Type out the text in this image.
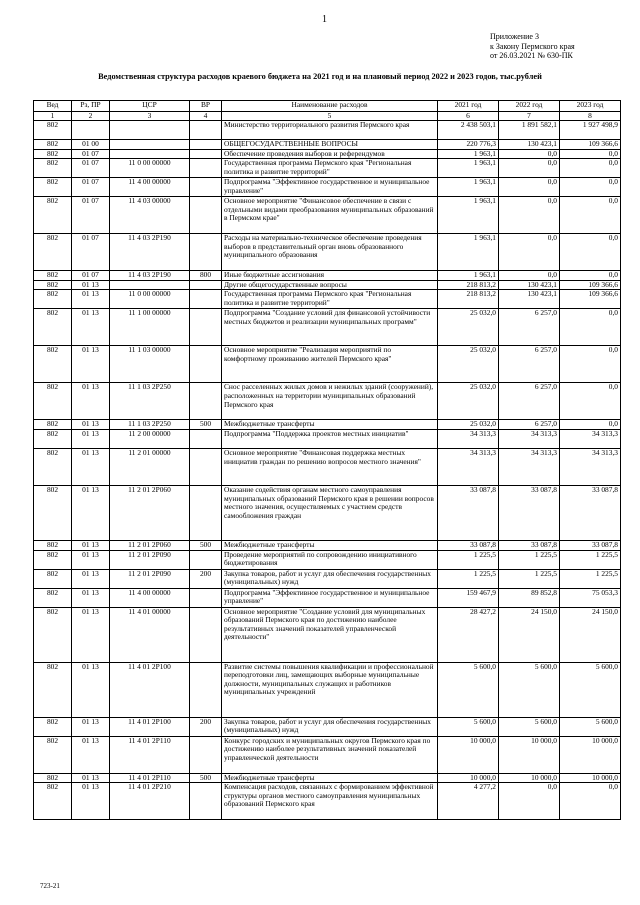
1
Приложение 3
к Закону Пермского края
от 26.03.2021 № 630-ПК
Ведомственная структура расходов краевого бюджета на 2021 год и на плановый период 2022 и 2023 годов, тыс.рублей
Вед	Рз, ПР	ЦСР	ВР	Наименование расходов	2021 год	2022 год	2023 год
1	2	3	4	5	6	7	8
802				Министерство территориального развития Пермского края	2 438 503,1	1 891 582,1	1 927 498,9
802	01 00			ОБЩЕГОСУДАРСТВЕННЫЕ ВОПРОСЫ	220 776,3	130 423,1	109 366,6
802	01 07			Обеспечение проведения выборов и референдумов	1 963,1	0,0	0,0
802	01 07	11 0 00 00000		Государственная программа Пермского края "Региональная политика и развитие территорий"	1 963,1	0,0	0,0
802	01 07	11 4 00 00000		Подпрограмма "Эффективное государственное и муниципальное управление"	1 963,1	0,0	0,0
802	01 07	11 4 03 00000		Основное мероприятие "Финансовое обеспечение в связи с отдельными видами преобразования муниципальных образований в Пермском крае"	1 963,1	0,0	0,0
802	01 07	11 4 03 2P190		Расходы на материально-техническое обеспечение проведения выборов в представительный орган вновь образованного муниципального образования	1 963,1	0,0	0,0
802	01 07	11 4 03 2P190	800	Иные бюджетные ассигнования	1 963,1	0,0	0,0
802	01 13			Другие общегосударственные вопросы	218 813,2	130 423,1	109 366,6
802	01 13	11 0 00 00000		Государственная программа Пермского края "Региональная политика и развитие территорий"	218 813,2	130 423,1	109 366,6
802	01 13	11 1 00 00000		Подпрограмма "Создание условий для финансовой устойчивости местных бюджетов и реализации муниципальных программ"	25 032,0	6 257,0	0,0
802	01 13	11 1 03 00000		Основное мероприятие "Реализация мероприятий по комфортному проживанию жителей Пермского края"	25 032,0	6 257,0	0,0
802	01 13	11 1 03 2P250		Снос расселенных жилых домов и нежилых зданий (сооружений), расположенных на территории муниципальных образований Пермского края	25 032,0	6 257,0	0,0
802	01 13	11 1 03 2P250	500	Межбюджетные трансферты	25 032,0	6 257,0	0,0
802	01 13	11 2 00 00000		Подпрограмма "Поддержка проектов местных инициатив"	34 313,3	34 313,3	34 313,3
802	01 13	11 2 01 00000		Основное мероприятие "Финансовая поддержка местных инициатив граждан по решению вопросов местного значения"	34 313,3	34 313,3	34 313,3
802	01 13	11 2 01 2P060		Оказание содействия органам местного самоуправления муниципальных образований Пермского края в решении вопросов местного значения, осуществляемых с участием средств самообложения граждан	33 087,8	33 087,8	33 087,8
802	01 13	11 2 01 2P060	500	Межбюджетные трансферты	33 087,8	33 087,8	33 087,8
802	01 13	11 2 01 2P090		Проведение мероприятий по сопровождению инициативного бюджетирования	1 225,5	1 225,5	1 225,5
802	01 13	11 2 01 2P090	200	Закупка товаров, работ и услуг для обеспечения государственных (муниципальных) нужд	1 225,5	1 225,5	1 225,5
802	01 13	11 4 00 00000		Подпрограмма "Эффективное государственное и муниципальное управление"	159 467,9	89 852,8	75 053,3
802	01 13	11 4 01 00000		Основное мероприятие "Создание условий для муниципальных образований Пермского края по достижению наиболее результативных значений показателей управленческой деятельности"	28 427,2	24 150,0	24 150,0
802	01 13	11 4 01 2P100		Развитие системы повышения квалификации и профессиональной переподготовки лиц, замещающих выборные муниципальные должности, муниципальных служащих и работников муниципальных учреждений	5 600,0	5 600,0	5 600,0
802	01 13	11 4 01 2P100	200	Закупка товаров, работ и услуг для обеспечения государственных (муниципальных) нужд	5 600,0	5 600,0	5 600,0
802	01 13	11 4 01 2P110		Конкурс городских и муниципальных округов Пермского края по достижению наиболее результативных значений показателей управленческой деятельности	10 000,0	10 000,0	10 000,0
802	01 13	11 4 01 2P110	500	Межбюджетные трансферты	10 000,0	10 000,0	10 000,0
802	01 13	11 4 01 2P210		Компенсация расходов, связанных с формированием эффективной структуры органов местного самоуправления муниципальных образований Пермского края	4 277,2	0,0	0,0
723-21
